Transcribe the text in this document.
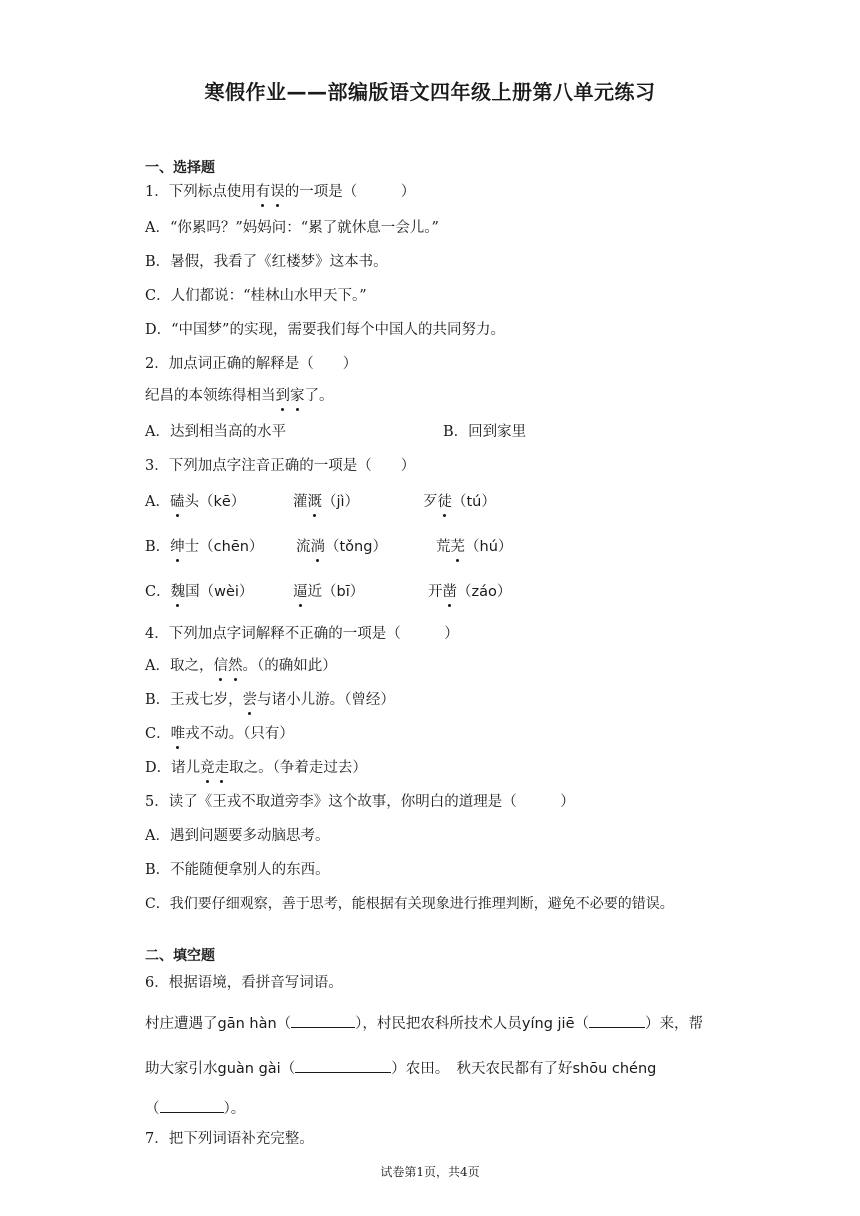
寒假作业——部编版语文四年级上册第八单元练习
一、选择题
1．下列标点使用有误的一项是（　　　）
A．“你累吗？”妈妈问：“累了就休息一会儿。”
B．暑假，我看了《红楼梦》这本书。
C．人们都说：“桂林山水甲天下。”
D．“中国梦”的实现，需要我们每个中国人的共同努力。
2．加点词正确的解释是（　　）
纪昌的本领练得相当到家了。
A．达到相当高的水平	B．回到家里
3．下列加点字注音正确的一项是（　　）
A．磕头（kē）	灌溉（jì）	歹徒（tú）
B．绅士（chēn） 流淌（tǒng）	荒芜（hú）
C．魏国（wèi）	逼近（bī）	开凿（záo）
4．下列加点字词解释不正确的一项是（　　　）
A．取之，信然。（的确如此）
B．王戎七岁，尝与诸小儿游。（曾经）
C．唯戎不动。（只有）
D．诸儿竞走取之。（争着走过去）
5．读了《王戎不取道旁李》这个故事，你明白的道理是（　　　）
A．遇到问题要多动脑思考。
B．不能随便拿别人的东西。
C．我们要仔细观察，善于思考，能根据有关现象进行推理判断，避免不必要的错误。
二、填空题
6．根据语境，看拼音写词语。
村庄遭遇了gān hàn（	），村民把农科所技术人员yíng jiē（	）来，帮
助大家引水guàn gài（	）农田。　秋天农民都有了好shōu chéng
（	）。
7．把下列词语补充完整。
试卷第1页，共4页
